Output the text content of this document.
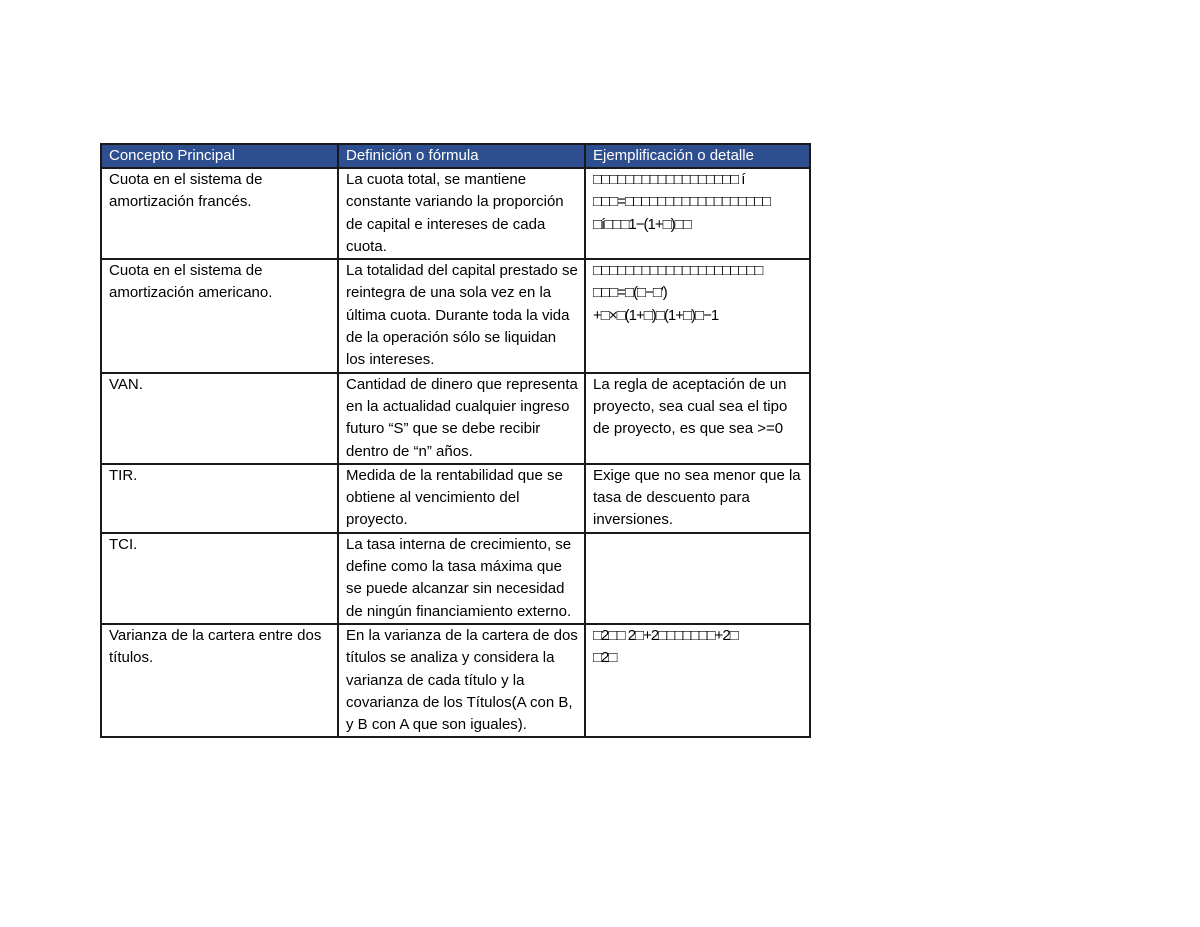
Concepto Principal	Definición o fórmula	Ejemplificación o detalle
Cuota en el sistema de amortización francés.	La cuota total, se mantiene constante variando la proporción de capital e intereses de cada cuota.	□□□□□□□□□□□□□□□□□□ í
□□□=□□□□□□□□□□□□□□□□□□
□í□□□1−(1+□)□□
Cuota en el sistema de amortización americano.	La totalidad del capital prestado se reintegra de una sola vez en la última cuota. Durante toda la vida de la operación sólo se liquidan los intereses.	□□□□□□□□□□□□□□□□□□□□□
□□□=□(□−□′)
+□×□(1+□)□(1+□)□−1
VAN.	Cantidad de dinero que representa en la actualidad cualquier ingreso futuro “S” que se debe recibir dentro de “n” años.	La regla de aceptación de un proyecto, sea cual sea el tipo de proyecto, es que sea >=0
TIR.	Medida de la rentabilidad que se obtiene al vencimiento del proyecto.	Exige que no sea menor que la tasa de descuento para inversiones.
TCI.	La tasa interna de crecimiento, se define como la tasa máxima que se puede alcanzar sin necesidad de ningún financiamiento externo.	
Varianza de la cartera entre dos títulos.	En la varianza de la cartera de dos títulos se analiza y considera la varianza de cada título y la covarianza de los Títulos(A con B, y B con A que son iguales).	□2□□ 2□+2□□□□□□□+2□
□2□
